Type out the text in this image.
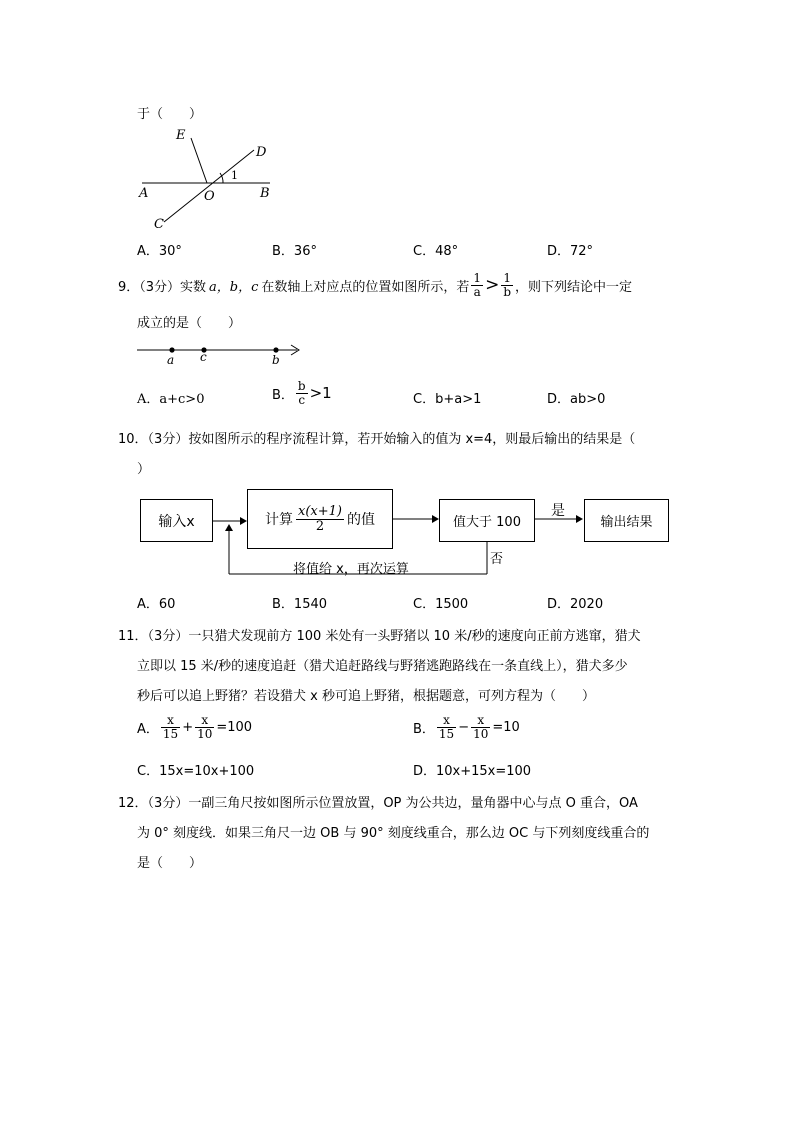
于（　　）
E
D
1
A	O	B
C
A．30°	B．36°	C．48°	D．72°
9．（3分）实数 a，b，c 在数轴上对应点的位置如图所示，若 $\frac{1}{a} > \frac{1}{b}$ ，则下列结论中一定
成立的是（　　）
a c	b
A．a+c>0	B． $\frac{b}{c} >1$	C．b+a>1	D．ab>0
10．（3分）按如图所示的程序流程计算，若开始输入的值为 x=4，则最后输出的结果是（
）
输入x	计算 $\frac{x(x+1)}{2}$ 的值	值大于 100
是
输出结果
否
将值给 x，再次运算
A．60	B．1540	C．1500	D．2020
11．（3分）一只猎犬发现前方 100 米处有一头野猪以 10 米/秒的速度向正前方逃窜，猎犬
立即以 15 米/秒的速度追赶（猎犬追赶路线与野猪逃跑路线在一条直线上），猎犬多少
秒后可以追上野猪？若设猎犬 x 秒可追上野猪，根据题意，可列方程为（　　）
A． $\frac{x}{15} + \frac{x}{10} =100$	B． $\frac{x}{15} - \frac{x}{10} =10$
C．15x=10x+100	D．10x+15x=100
12．（3分）一副三角尺按如图所示位置放置，OP 为公共边，量角器中心与点 O 重合，OA
为 0° 刻度线．如果三角尺一边 OB 与 90° 刻度线重合，那么边 OC 与下列刻度线重合的
是（　　）
